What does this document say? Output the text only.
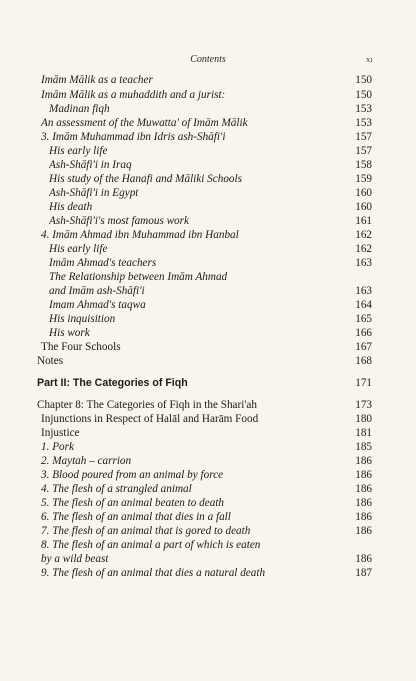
Contents	xi
Imām Mālik as a teacher	150
Imām Mālik as a muhaddith and a jurist:	150
Madinan fiqh	153
An assessment of the Muwatta' of Imām Mālik	153
3. Imām Muhammad ibn Idris ash-Shāfi'i	157
His early life	157
Ash-Shāfi'i in Iraq	158
His study of the Hanafi and Māliki Schools	159
Ash-Shāfi'i in Egypt	160
His death	160
Ash-Shāfi'i's most famous work	161
4. Imām Ahmad ibn Muhammad ibn Hanbal	162
His early life	162
Imām Ahmad's teachers	163
The Relationship between Imām Ahmad
and Imām ash-Shāfi'i	163
Imam Ahmad's taqwa	164
His inquisition	165
His work	166
The Four Schools	167
Notes	168
Part II: The Categories of Fiqh	171
Chapter 8: The Categories of Fiqh in the Shari'ah	173
Injunctions in Respect of Halāl and Harām Food	180
Injustice	181
1. Pork	185
2. Maytah – carrion	186
3. Blood poured from an animal by force	186
4. The flesh of a strangled animal	186
5. The flesh of an animal beaten to death	186
6. The flesh of an animal that dies in a fall	186
7. The flesh of an animal that is gored to death	186
8. The flesh of an animal a part of which is eaten
by a wild beast	186
9. The flesh of an animal that dies a natural death	187
